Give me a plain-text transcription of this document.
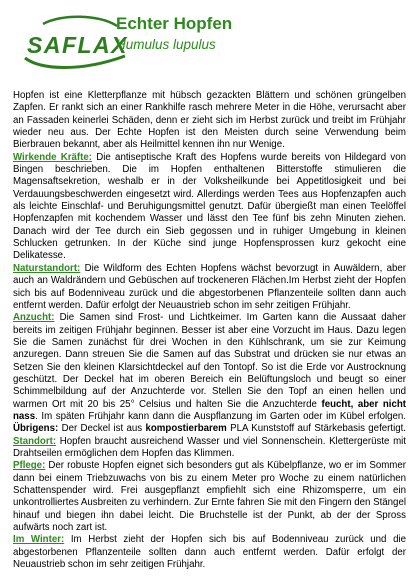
SAFLAX
Echter Hopfen
Humulus lupulus

Hopfen ist eine Kletterpflanze mit hübsch gezackten Blättern und schönen grüngelben Zapfen. Er rankt sich an einer Rankhilfe rasch mehrere Meter in die Höhe, verursacht aber an Fassaden keinerlei Schäden, denn er zieht sich im Herbst zurück und treibt im Frühjahr wieder neu aus. Der Echte Hopfen ist den Meisten durch seine Verwendung beim Bierbrauen bekannt, aber als Heilmittel kennen ihn nur Wenige.

Wirkende Kräfte: Die antiseptische Kraft des Hopfens wurde bereits von Hildegard von Bingen beschrieben. Die im Hopfen enthaltenen Bitterstoffe stimulieren die Magensaftsekretion, weshalb er in der Volksheilkunde bei Appetitlosigkeit und bei Verdauungsbeschwerden eingesetzt wird. Allerdings werden Tees aus Hopfenzapfen auch als leichte Einschlaf- und Beruhigungsmittel genutzt. Dafür übergießt man einen Teelöffel Hopfenzapfen mit kochendem Wasser und lässt den Tee fünf bis zehn Minuten ziehen. Danach wird der Tee durch ein Sieb gegossen und in ruhiger Umgebung in kleinen Schlucken getrunken. In der Küche sind junge Hopfensprossen kurz gekocht eine Delikatesse.

Naturstandort: Die Wildform des Echten Hopfens wächst bevorzugt in Auwäldern, aber auch an Waldrändern und Gebüschen auf trockeneren Flächen.Im Herbst zieht der Hopfen sich bis auf Bodenniveau zurück und die abgestorbenen Pflanzenteile sollten dann auch entfernt werden. Dafür erfolgt der Neuaustrieb schon im sehr zeitigen Frühjahr.

Anzucht: Die Samen sind Frost- und Lichtkeimer. Im Garten kann die Aussaat daher bereits im zeitigen Frühjahr beginnen. Besser ist aber eine Vorzucht im Haus. Dazu legen Sie die Samen zunächst für drei Wochen in den Kühlschrank, um sie zur Keimung anzuregen. Dann streuen Sie die Samen auf das Substrat und drücken sie nur etwas an Setzen Sie den kleinen Klarsichtdeckel auf den Tontopf. So ist die Erde vor Austrocknung geschützt. Der Deckel hat im oberen Bereich ein Belüftungsloch und beugt so einer Schimmelbildung auf der Anzuchterde vor. Stellen Sie den Topf an einen hellen und warmen Ort mit 20 bis 25° Celsius und halten Sie die Anzuchterde feucht, aber nicht nass. Im späten Frühjahr kann dann die Auspflanzung im Garten oder im Kübel erfolgen. Übrigens: Der Deckel ist aus kompostierbarem PLA Kunststoff auf Stärkebasis gefertigt. Standort: Hopfen braucht ausreichend Wasser und viel Sonnenschein. Klettergerüste mit Drahtseilen ermöglichen dem Hopfen das Klimmen.

Pflege: Der robuste Hopfen eignet sich besonders gut als Kübelpflanze, wo er im Sommer dann bei einem Triebzuwachs von bis zu einem Meter pro Woche zu einem natürlichen Schattenspender wird. Frei ausgepflanzt empfiehlt sich eine Rhizomsperre, um ein unkontrolliertes Ausbreiten zu verhindern. Zur Ernte fahren Sie mit den Fingern den Stängel hinauf und biegen ihn dabei leicht. Die Bruchstelle ist der Punkt, ab der der Spross aufwärts noch zart ist.

Im Winter: Im Herbst zieht der Hopfen sich bis auf Bodenniveau zurück und die abgestorbenen Pflanzenteile sollten dann auch entfernt werden. Dafür erfolgt der Neuaustrieb schon im sehr zeitigen Frühjahr.
